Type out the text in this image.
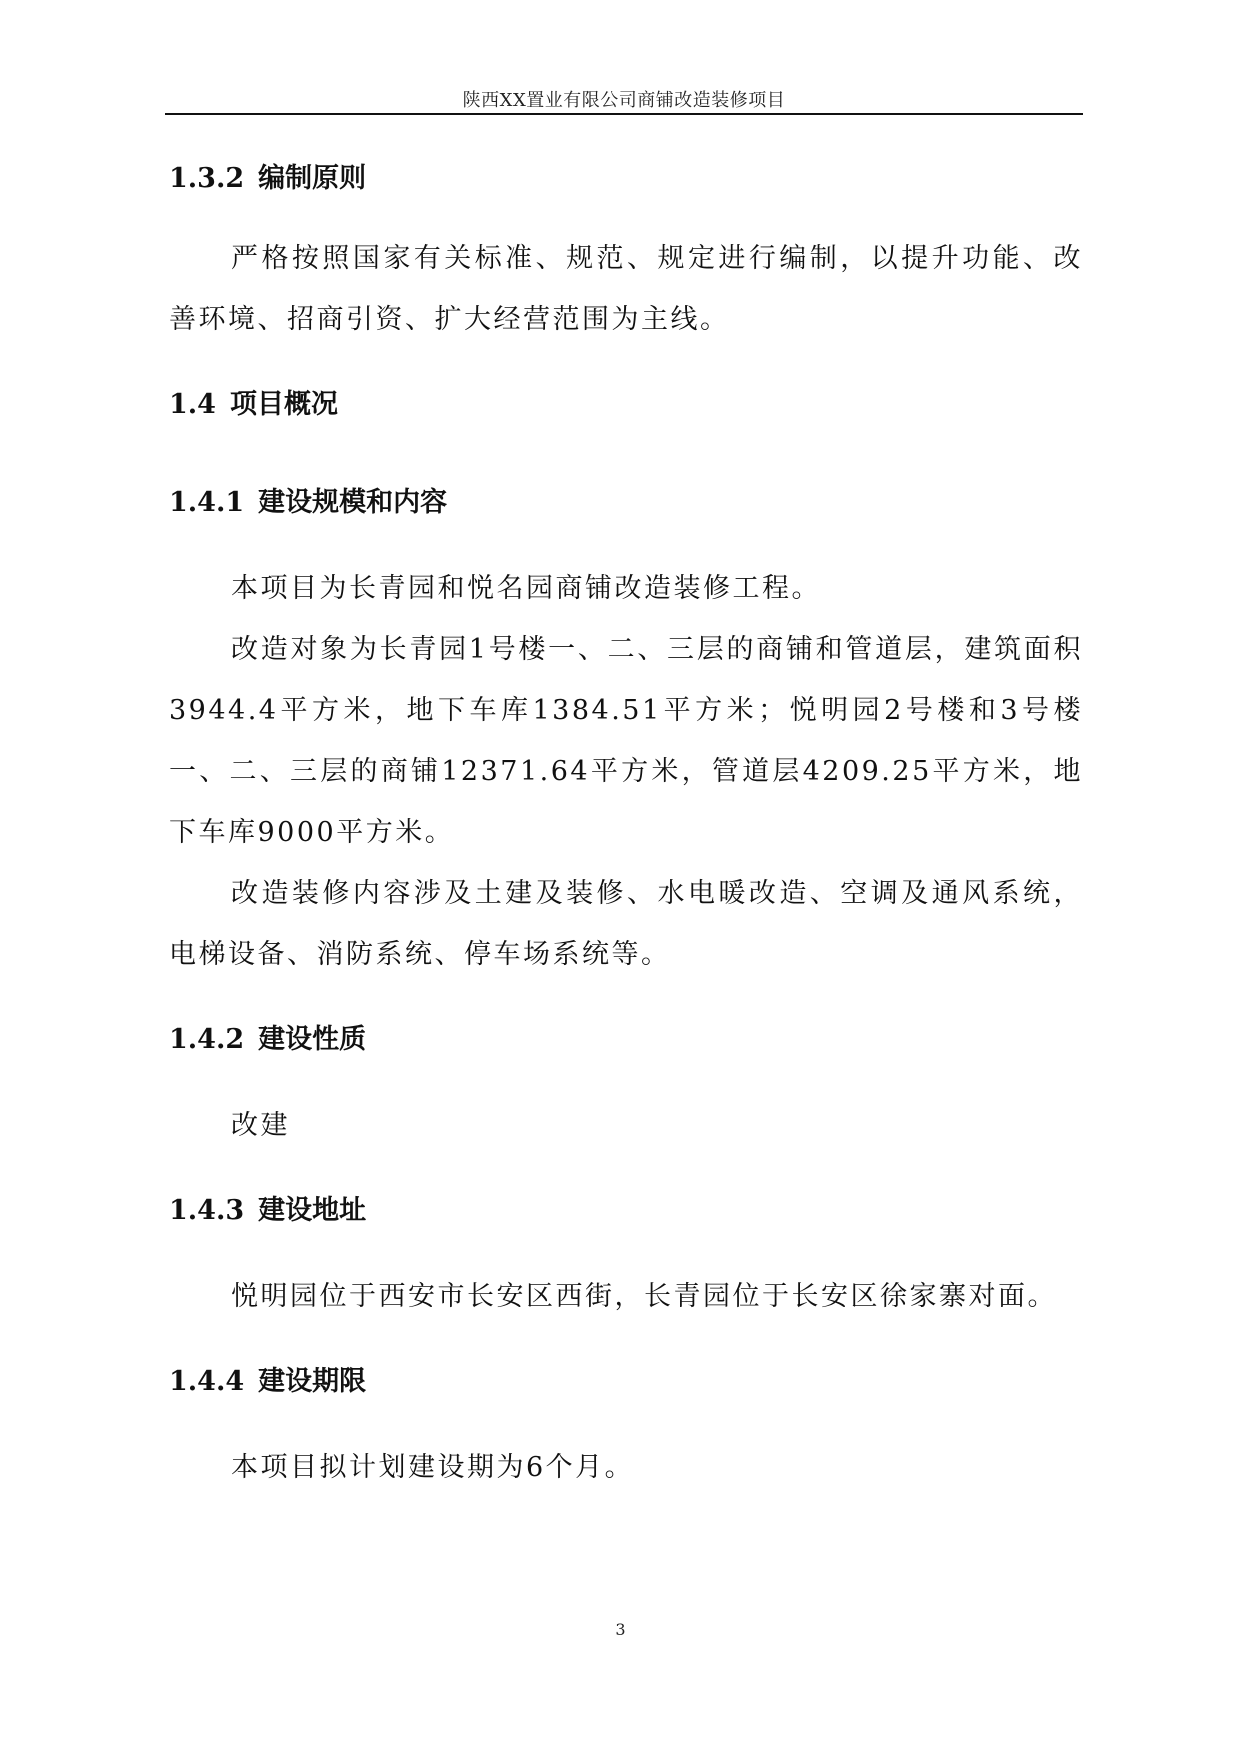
陕西XX置业有限公司商铺改造装修项目
1.3.2 编制原则

严格按照国家有关标准、规范、规定进行编制，以提升功能、改善环境、招商引资、扩大经营范围为主线。

1.4 项目概况
1.4.1 建设规模和内容

本项目为长青园和悦名园商铺改造装修工程。

改造对象为长青园1号楼一、二、三层的商铺和管道层，建筑面积3944.4平方米，地下车库1384.51平方米；悦明园2号楼和3号楼一、二、三层的商铺12371.64平方米，管道层4209.25平方米，地下车库9000平方米。

改造装修内容涉及土建及装修、水电暖改造、空调及通风系统，电梯设备、消防系统、停车场系统等。

1.4.2 建设性质

改建

1.4.3 建设地址

悦明园位于西安市长安区西街，长青园位于长安区徐家寨对面。

1.4.4 建设期限

本项目拟计划建设期为6个月。

3
